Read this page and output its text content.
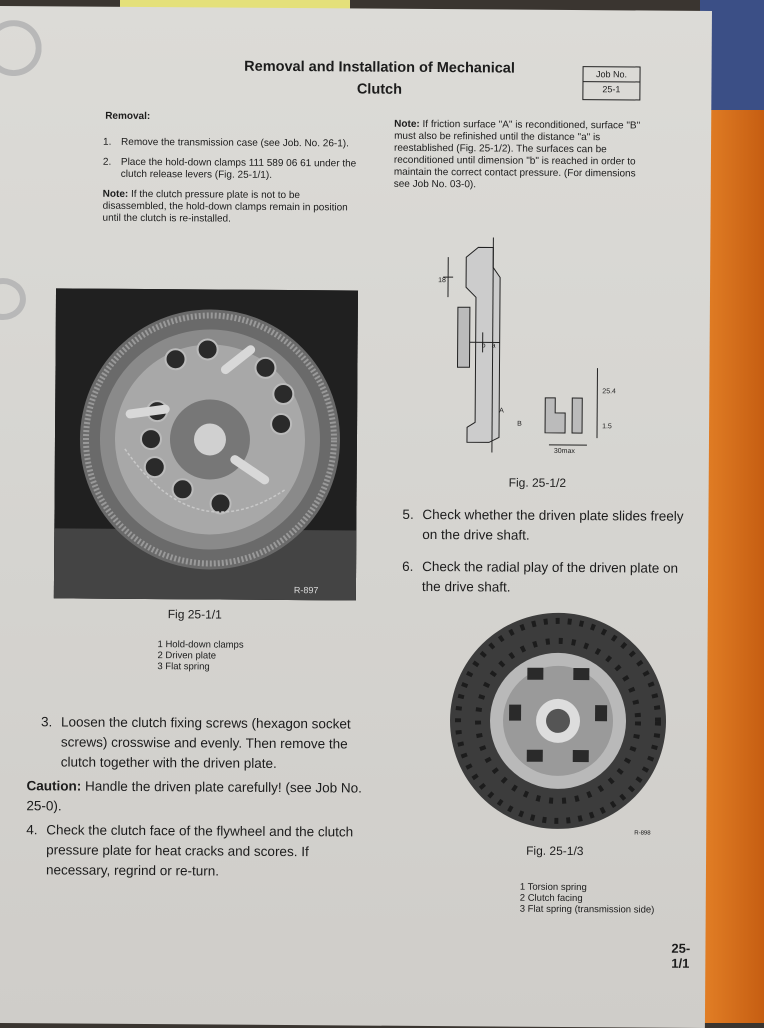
Removal and Installation of Mechanical
Clutch
Job No.
25-1
Removal:
1. Remove the transmission case (see Job. No. 26-1).
2. Place the hold-down clamps 111 589 06 61 under the clutch release levers (Fig. 25-1/1).
Note: If the clutch pressure plate is not to be disassembled, the hold-down clamps remain in position until the clutch is re-installed.
R-897
Fig 25-1/1
1 Hold-down clamps
2 Driven plate
3 Flat spring
Note: If friction surface "A" is reconditioned, surface "B" must also be refinished until the distance "a" is reestablished (Fig. 25-1/2). The surfaces can be reconditioned until dimension "b" is reached in order to maintain the correct contact pressure. (For dimensions see Job No. 03-0).
b a
A
B
30max
18
25.4
1.5
Fig. 25-1/2
5. Check whether the driven plate slides freely on the drive shaft.
6. Check the radial play of the driven plate on the drive shaft.
R-898
Fig. 25-1/3
1 Torsion spring
2 Clutch facing
3 Flat spring (transmission side)
3. Loosen the clutch fixing screws (hexagon socket screws) crosswise and evenly. Then remove the clutch together with the driven plate.
Caution: Handle the driven plate carefully! (see Job No. 25-0).
4. Check the clutch face of the flywheel and the clutch pressure plate for heat cracks and scores. If necessary, regrind or re-turn.
25-1/1
